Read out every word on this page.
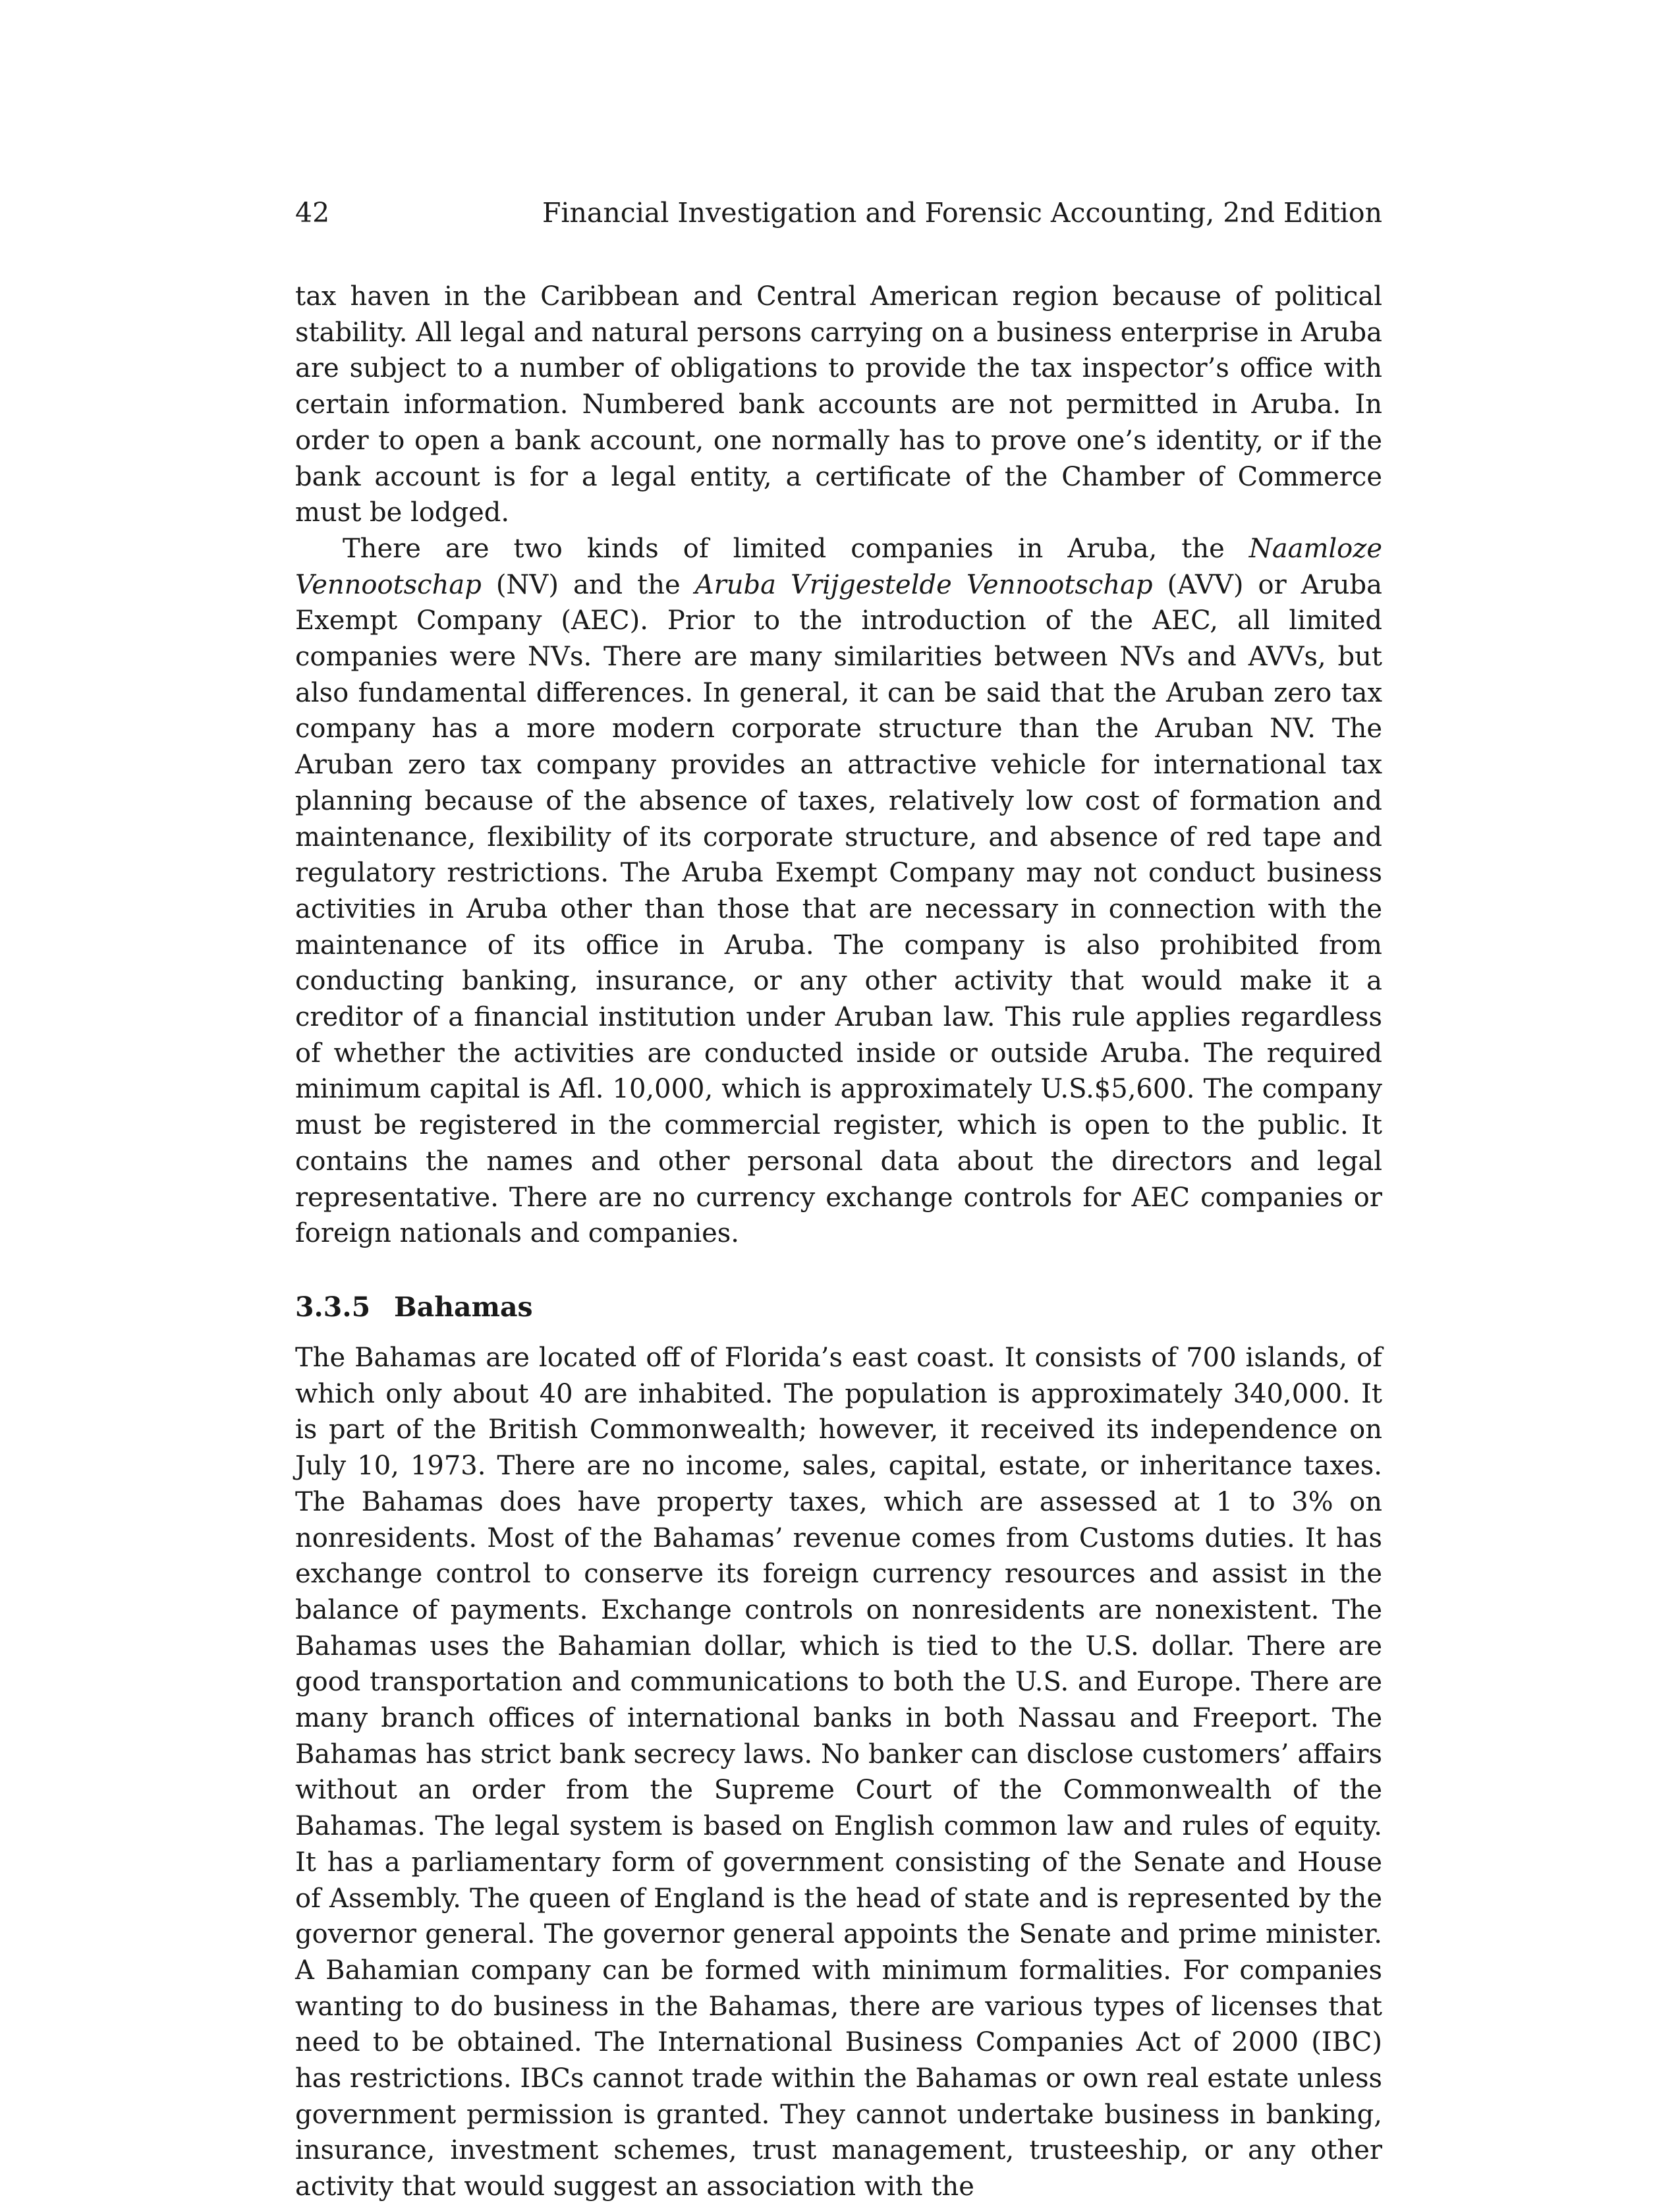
42	Financial Investigation and Forensic Accounting, 2nd Edition

tax haven in the Caribbean and Central American region because of political stability. All legal and natural persons carrying on a business enterprise in Aruba are subject to a number of obligations to provide the tax inspector’s office with certain information. Numbered bank accounts are not permitted in Aruba. In order to open a bank account, one normally has to prove one’s identity, or if the bank account is for a legal entity, a certificate of the Chamber of Commerce must be lodged.

There are two kinds of limited companies in Aruba, the Naamloze Vennootschap (NV) and the Aruba Vrijgestelde Vennootschap (AVV) or Aruba Exempt Company (AEC). Prior to the introduction of the AEC, all limited companies were NVs. There are many similarities between NVs and AVVs, but also fundamental differences. In general, it can be said that the Aruban zero tax company has a more modern corporate structure than the Aruban NV. The Aruban zero tax company provides an attractive vehicle for international tax planning because of the absence of taxes, relatively low cost of formation and maintenance, flexibility of its corporate structure, and absence of red tape and regulatory restrictions. The Aruba Exempt Company may not conduct business activities in Aruba other than those that are necessary in connection with the maintenance of its office in Aruba. The company is also prohibited from conducting banking, insurance, or any other activity that would make it a creditor of a financial institution under Aruban law. This rule applies regardless of whether the activities are conducted inside or outside Aruba. The required minimum capital is Afl. 10,000, which is approximately U.S.$5,600. The company must be registered in the commercial register, which is open to the public. It contains the names and other personal data about the directors and legal representative. There are no currency exchange controls for AEC companies or foreign nationals and companies.

3.3.5 Bahamas

The Bahamas are located off of Florida’s east coast. It consists of 700 islands, of which only about 40 are inhabited. The population is approximately 340,000. It is part of the British Commonwealth; however, it received its independence on July 10, 1973. There are no income, sales, capital, estate, or inheritance taxes. The Bahamas does have property taxes, which are assessed at 1 to 3% on nonresidents. Most of the Bahamas’ revenue comes from Customs duties. It has exchange control to conserve its foreign currency resources and assist in the balance of payments. Exchange controls on nonresidents are nonexistent. The Bahamas uses the Bahamian dollar, which is tied to the U.S. dollar. There are good transportation and communications to both the U.S. and Europe. There are many branch offices of international banks in both Nassau and Freeport. The Bahamas has strict bank secrecy laws. No banker can disclose customers’ affairs without an order from the Supreme Court of the Commonwealth of the Bahamas. The legal system is based on English common law and rules of equity. It has a parliamentary form of government consisting of the Senate and House of Assembly. The queen of England is the head of state and is represented by the governor general. The governor general appoints the Senate and prime minister. A Bahamian company can be formed with minimum formalities. For companies wanting to do business in the Bahamas, there are various types of licenses that need to be obtained. The International Business Companies Act of 2000 (IBC) has restrictions. IBCs cannot trade within the Bahamas or own real estate unless government permission is granted. They cannot undertake business in banking, insurance, investment schemes, trust management, trusteeship, or any other activity that would suggest an association with the
